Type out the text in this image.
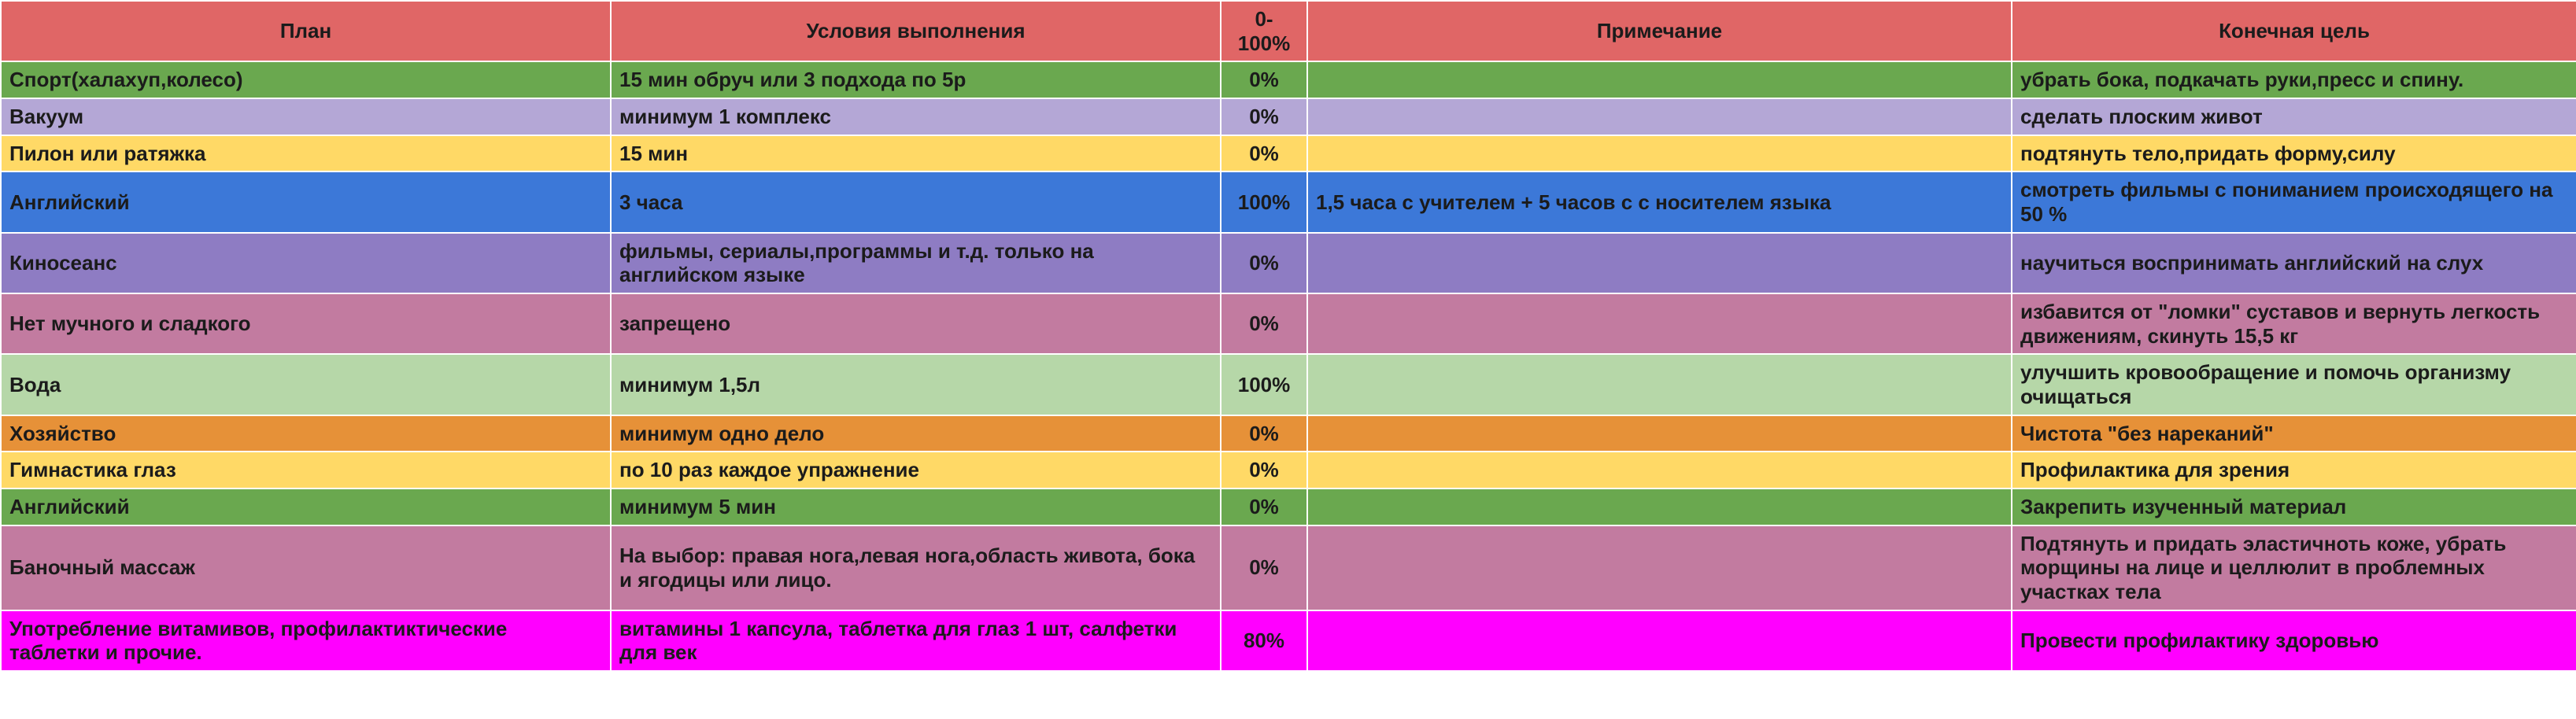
План	Условия выполнения	0-100%	Примечание	Конечная цель
Спорт(халахуп,колесо)	15 мин обруч или 3 подхода по 5р	0%		убрать бока, подкачать руки,пресс и спину.
Вакуум	минимум 1 комплекс	0%		сделать плоским живот
Пилон или ратяжка	15 мин	0%		подтянуть тело,придать форму,силу
Английский	3 часа	100%	1,5 часа с учителем + 5 часов с с носителем языка	смотреть фильмы с пониманием происходящего на 50 %
Киносеанс	фильмы, сериалы,программы и т.д. только на английском языке	0%		научиться воспринимать английский на слух
Нет мучного и сладкого	запрещено	0%		избавится от "ломки" суставов и вернуть легкость движениям, скинуть 15,5 кг
Вода	минимум 1,5л	100%		улучшить кровообращение и помочь организму очищаться
Хозяйство	минимум одно дело	0%		Чистота "без нареканий"
Гимнастика глаз	по 10 раз каждое упражнение	0%		Профилактика для зрения
Английский	минимум 5 мин	0%		Закрепить изученный материал
Баночный массаж	На выбор: правая нога,левая нога,область живота, бока и ягодицы или лицо.	0%		Подтянуть и придать эластичноть коже, убрать морщины на лице и целлюлит в проблемных участках тела
Употребление витамивов, профилактиктические таблетки и прочие.	витамины 1 капсула, таблетка для глаз 1 шт, салфетки для век	80%		Провести профилактику здоровью
